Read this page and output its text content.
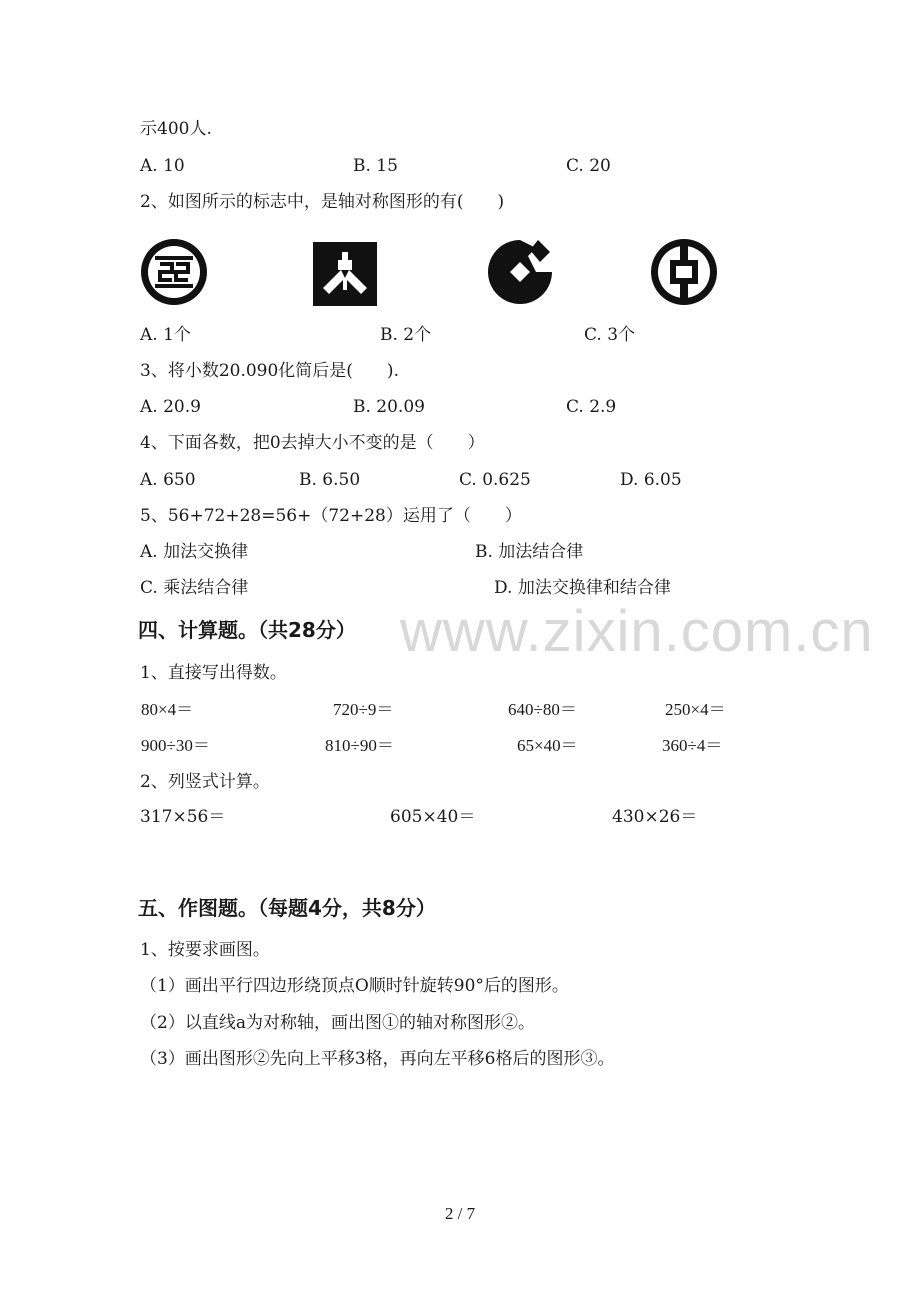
www.zixin.com.cn
示400人.
A. 10	B. 15	C. 20
2、如图所示的标志中，是轴对称图形的有(　　)
A. 1个	B. 2个	C. 3个
3、将小数20.090化简后是(　　).
A. 20.9	B. 20.09	C. 2.9
4、下面各数，把0去掉大小不变的是（　　）
A. 650	B. 6.50	C. 0.625	D. 6.05
5、56+72+28=56+（72+28）运用了（　　）
A. 加法交换律	B. 加法结合律
C. 乘法结合律	D. 加法交换律和结合律
四、计算题。（共28分）
1、直接写出得数。
80×4＝	720÷9＝	640÷80＝	250×4＝
900÷30＝	810÷90＝	65×40＝	360÷4＝
2、列竖式计算。
317×56＝	605×40＝	430×26＝
五、作图题。（每题4分，共8分）
1、按要求画图。
（1）画出平行四边形绕顶点O顺时针旋转90°后的图形。
（2）以直线a为对称轴，画出图①的轴对称图形②。
（3）画出图形②先向上平移3格，再向左平移6格后的图形③。
2 / 7
